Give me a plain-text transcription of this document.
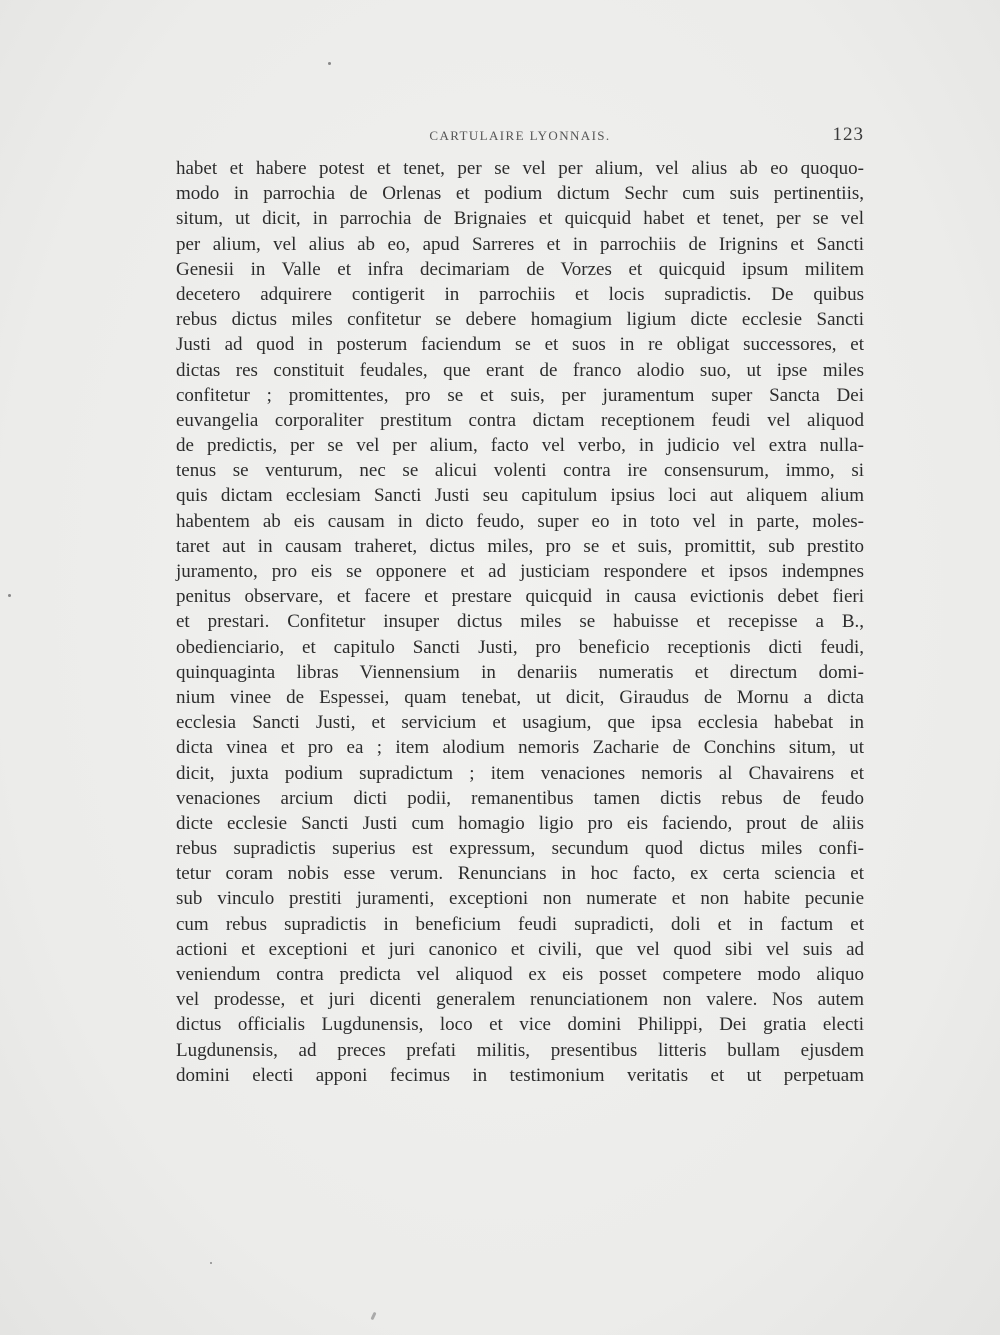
CARTULAIRE LYONNAIS.	123
habet et habere potest et tenet, per se vel per alium, vel alius ab eo quoquo-
modo in parrochia de Orlenas et podium dictum Sechr cum suis pertinentiis,
situm, ut dicit, in parrochia de Brignaies et quicquid habet et tenet, per se vel
per alium, vel alius ab eo, apud Sarreres et in parrochiis de Irignins et Sancti
Genesii in Valle et infra decimariam de Vorzes et quicquid ipsum militem
decetero adquirere contigerit in parrochiis et locis supradictis. De quibus
rebus dictus miles confitetur se debere homagium ligium dicte ecclesie Sancti
Justi ad quod in posterum faciendum se et suos in re obligat successores, et
dictas res constituit feudales, que erant de franco alodio suo, ut ipse miles
confitetur ; promittentes, pro se et suis, per juramentum super Sancta Dei
euvangelia corporaliter prestitum contra dictam receptionem feudi vel aliquod
de predictis, per se vel per alium, facto vel verbo, in judicio vel extra nulla-
tenus se venturum, nec se alicui volenti contra ire consensurum, immo, si
quis dictam ecclesiam Sancti Justi seu capitulum ipsius loci aut aliquem alium
habentem ab eis causam in dicto feudo, super eo in toto vel in parte, moles-
taret aut in causam traheret, dictus miles, pro se et suis, promittit, sub prestito
juramento, pro eis se opponere et ad justiciam respondere et ipsos indempnes
penitus observare, et facere et prestare quicquid in causa evictionis debet fieri
et prestari. Confitetur insuper dictus miles se habuisse et recepisse a B.,
obedienciario, et capitulo Sancti Justi, pro beneficio receptionis dicti feudi,
quinquaginta libras Viennensium in denariis numeratis et directum domi-
nium vinee de Espessei, quam tenebat, ut dicit, Giraudus de Mornu a dicta
ecclesia Sancti Justi, et servicium et usagium, que ipsa ecclesia habebat in
dicta vinea et pro ea ; item alodium nemoris Zacharie de Conchins situm, ut
dicit, juxta podium supradictum ; item venaciones nemoris al Chavairens et
venaciones arcium dicti podii, remanentibus tamen dictis rebus de feudo
dicte ecclesie Sancti Justi cum homagio ligio pro eis faciendo, prout de aliis
rebus supradictis superius est expressum, secundum quod dictus miles confi-
tetur coram nobis esse verum. Renuncians in hoc facto, ex certa sciencia et
sub vinculo prestiti juramenti, exceptioni non numerate et non habite pecunie
cum rebus supradictis in beneficium feudi supradicti, doli et in factum et
actioni et exceptioni et juri canonico et civili, que vel quod sibi vel suis ad
veniendum contra predicta vel aliquod ex eis posset competere modo aliquo
vel prodesse, et juri dicenti generalem renunciationem non valere. Nos autem
dictus officialis Lugdunensis, loco et vice domini Philippi, Dei gratia electi
Lugdunensis, ad preces prefati militis, presentibus litteris bullam ejusdem
domini electi apponi fecimus in testimonium veritatis et ut perpetuam
